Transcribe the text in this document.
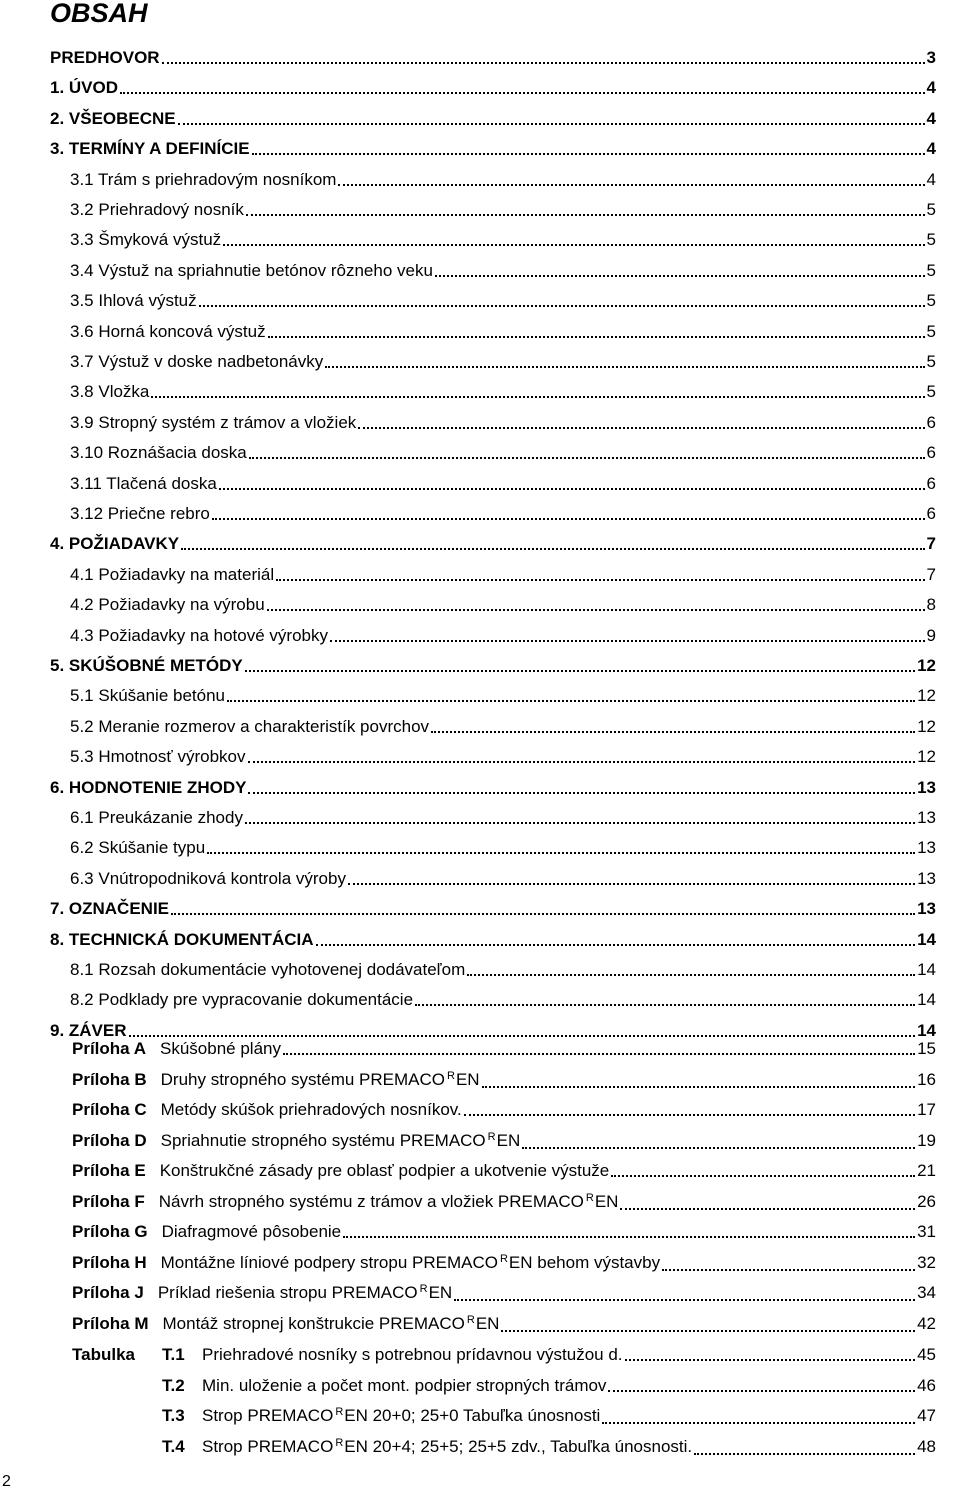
OBSAH
PREDHOVOR	3
1. ÚVOD	4
2. VŠEOBECNE	4
3. TERMÍNY A DEFINÍCIE	4
3.1 Trám s priehradovým nosníkom	4
3.2 Priehradový nosník	5
3.3 Šmyková výstuž	5
3.4 Výstuž na spriahnutie betónov rôzneho veku	5
3.5 Ihlová výstuž	5
3.6 Horná koncová výstuž	5
3.7 Výstuž v doske nadbetonávky	5
3.8 Vložka	5
3.9 Stropný systém z trámov a vložiek	6
3.10 Roznášacia doska	6
3.11 Tlačená doska	6
3.12 Priečne rebro	6
4. POŽIADAVKY	7
4.1 Požiadavky na materiál	7
4.2 Požiadavky na výrobu	8
4.3 Požiadavky na hotové výrobky	9
5. SKÚŠOBNÉ METÓDY	12
5.1 Skúšanie betónu	12
5.2 Meranie rozmerov a charakteristík povrchov	12
5.3 Hmotnosť výrobkov	12
6. HODNOTENIE ZHODY	13
6.1 Preukázanie zhody	13
6.2 Skúšanie typu	13
6.3 Vnútropodniková kontrola výroby	13
7. OZNAČENIE	13
8. TECHNICKÁ DOKUMENTÁCIA	14
8.1 Rozsah dokumentácie vyhotovenej dodávateľom	14
8.2 Podklady pre vypracovanie dokumentácie	14
9. ZÁVER	14
Príloha A Skúšobné plány	15
Príloha B Druhy stropného systému $PREMACO^R$ EN	16
Príloha C Metódy skúšok priehradových nosníkov.	17
Príloha D Spriahnutie stropného systému $PREMACO^R$ EN	19
Príloha E Konštrukčné zásady pre oblasť podpier a ukotvenie výstuže	21
Príloha F Návrh stropného systému z trámov a vložiek $PREMACO^R$ EN	26
Príloha G Diafragmové pôsobenie	31
Príloha H Montážne líniové podpery stropu $PREMACO^R$ EN behom výstavby	32
Príloha J Príklad riešenia stropu $PREMACO^R$ EN	34
Príloha M Montáž stropnej konštrukcie $PREMACO^R$ EN	42
Tabulka T.1 Priehradové nosníky s potrebnou prídavnou výstužou d.	45
T.2 Min. uloženie a počet mont. podpier stropných trámov	46
T.3 Strop PREMACO $^R$EN 20+0; 25+0 Tabuľka únosnosti	47
T.4 Strop PREMACO $^R$EN 20+4; 25+5; 25+5 zdv., Tabuľka únosnosti.	48
2
